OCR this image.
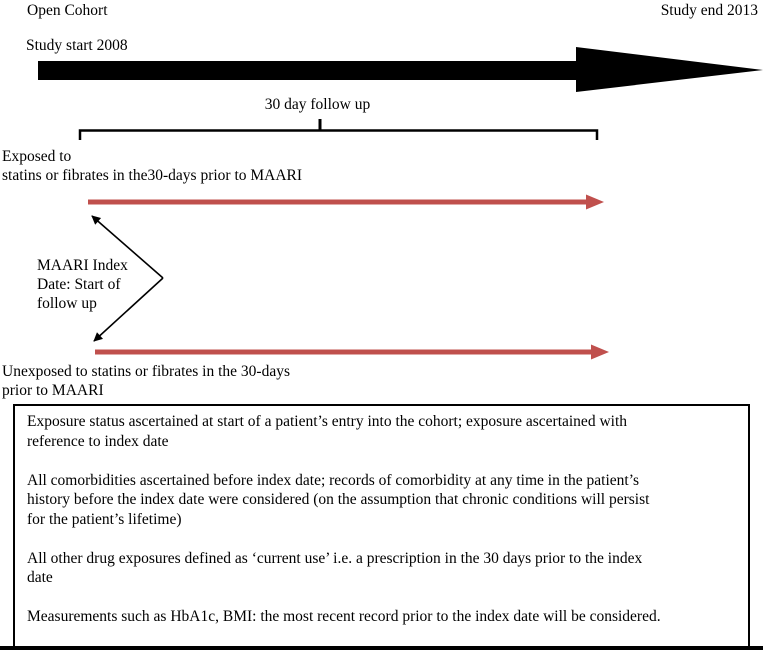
Open Cohort	Study end 2013
Study start 2008
30 day follow up
Exposed to
statins or fibrates in the30-days prior to MAARI
MAARI Index
Date: Start of
follow up
Unexposed to statins or fibrates in the 30-days
prior to MAARI

Exposure status ascertained at start of a patient’s entry into the cohort; exposure ascertained with
reference to index date

All comorbidities ascertained before index date; records of comorbidity at any time in the patient’s
history before the index date were considered (on the assumption that chronic conditions will persist
for the patient’s lifetime)

All other drug exposures defined as ‘current use’ i.e. a prescription in the 30 days prior to the index
date

Measurements such as HbA1c, BMI: the most recent record prior to the index date will be considered.
